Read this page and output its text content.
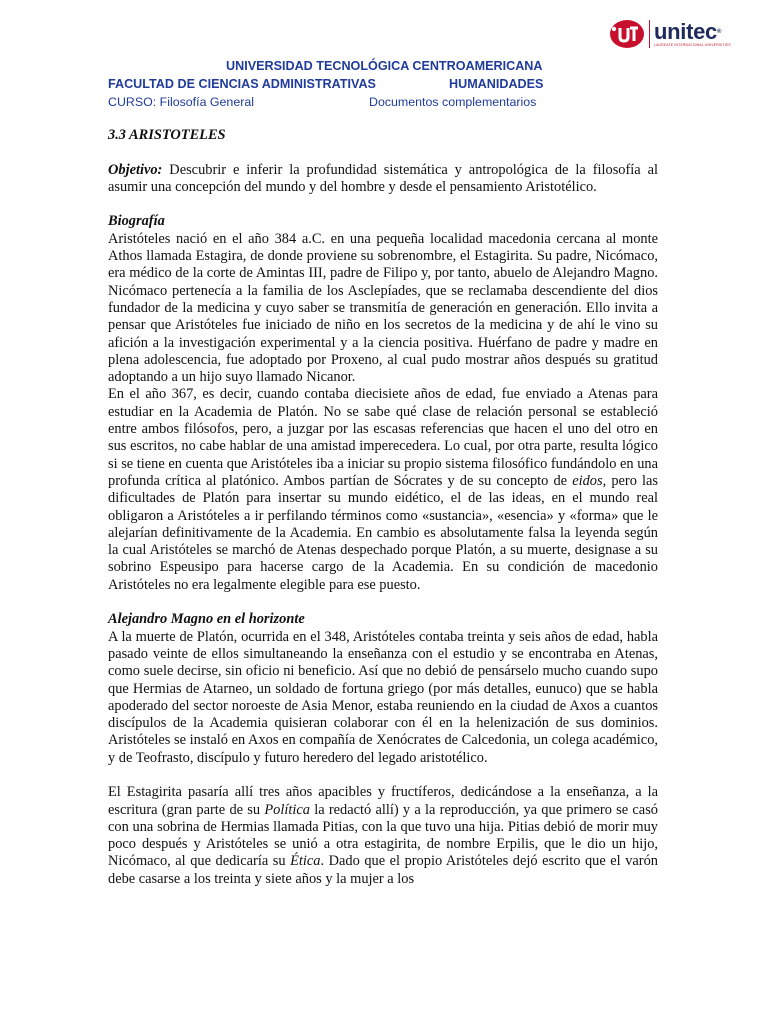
unitec®
LAUREATE INTERNATIONAL UNIVERSITIES
UNIVERSIDAD TECNOLÓGICA CENTROAMERICANA
FACULTAD DE CIENCIAS ADMINISTRATIVAS	HUMANIDADES
CURSO: Filosofía General	Documentos complementarios

3.3 ARISTOTELES

Objetivo: Descubrir e inferir la profundidad sistemática y antropológica de la filosofía al asumir una concepción del mundo y del hombre y desde el pensamiento Aristotélico.

Biografía

Aristóteles nació en el año 384 a.C. en una pequeña localidad macedonia cercana al monte Athos llamada Estagira, de donde proviene su sobrenombre, el Estagirita. Su padre, Nicómaco, era médico de la corte de Amintas III, padre de Filipo y, por tanto, abuelo de Alejandro Magno. Nicómaco pertenecía a la familia de los Asclepíades, que se reclamaba descendiente del dios fundador de la medicina y cuyo saber se transmitía de generación en generación. Ello invita a pensar que Aristóteles fue iniciado de niño en los secretos de la medicina y de ahí le vino su afición a la investigación experimental y a la ciencia positiva. Huérfano de padre y madre en plena adolescencia, fue adoptado por Proxeno, al cual pudo mostrar años después su gratitud adoptando a un hijo suyo llamado Nicanor.

En el año 367, es decir, cuando contaba diecisiete años de edad, fue enviado a Atenas para estudiar en la Academia de Platón. No se sabe qué clase de relación personal se estableció entre ambos filósofos, pero, a juzgar por las escasas referencias que hacen el uno del otro en sus escritos, no cabe hablar de una amistad imperecedera. Lo cual, por otra parte, resulta lógico si se tiene en cuenta que Aristóteles iba a iniciar su propio sistema filosófico fundándolo en una profunda crítica al platónico. Ambos partían de Sócrates y de su concepto de eidos, pero las dificultades de Platón para insertar su mundo eidético, el de las ideas, en el mundo real obligaron a Aristóteles a ir perfilando términos como «sustancia», «esencia» y «forma» que le alejarían definitivamente de la Academia. En cambio es absolutamente falsa la leyenda según la cual Aristóteles se marchó de Atenas despechado porque Platón, a su muerte, designase a su sobrino Espeusipo para hacerse cargo de la Academia. En su condición de macedonio Aristóteles no era legalmente elegible para ese puesto.

Alejandro Magno en el horizonte

A la muerte de Platón, ocurrida en el 348, Aristóteles contaba treinta y seis años de edad, habla pasado veinte de ellos simultaneando la enseñanza con el estudio y se encontraba en Atenas, como suele decirse, sin oficio ni beneficio. Así que no debió de pensárselo mucho cuando supo que Hermias de Atarneo, un soldado de fortuna griego (por más detalles, eunuco) que se habla apoderado del sector noroeste de Asia Menor, estaba reuniendo en la ciudad de Axos a cuantos discípulos de la Academia quisieran colaborar con él en la helenización de sus dominios. Aristóteles se instaló en Axos en compañía de Xenócrates de Calcedonia, un colega académico, y de Teofrasto, discípulo y futuro heredero del legado aristotélico.

El Estagirita pasaría allí tres años apacibles y fructíferos, dedicándose a la enseñanza, a la escritura (gran parte de su Política la redactó allí) y a la reproducción, ya que primero se casó con una sobrina de Hermias llamada Pitias, con la que tuvo una hija. Pitias debió de morir muy poco después y Aristóteles se unió a otra estagirita, de nombre Erpilis, que le dio un hijo, Nicómaco, al que dedicaría su Ética. Dado que el propio Aristóteles dejó escrito que el varón debe casarse a los treinta y siete años y la mujer a los
